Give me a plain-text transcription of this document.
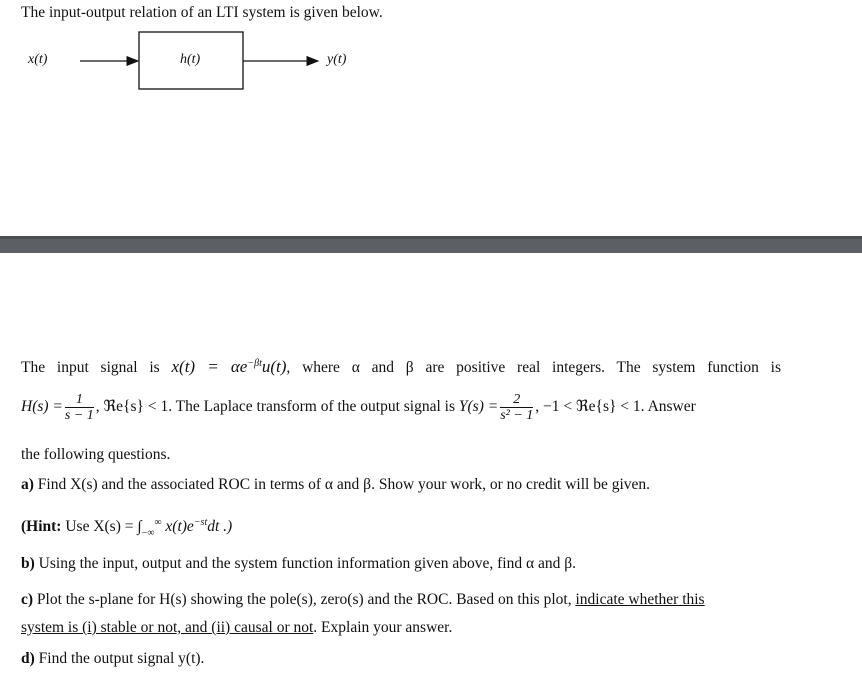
The input-output relation of an LTI system is given below.
x(t)	h(t)	y(t)
The input signal is $x(t) = \alpha e^{-\beta t}u(t)$, where α and β are positive real integers. The system function is
$H(s) = \frac{1}{s - 1}$ , ℜe{s} < 1. The Laplace transform of the output signal is $Y(s) = \frac{2}{\text{s² − 1}}$ , −1 < ℜe{s} < 1. Answer
the following questions.
a) Find X(s) and the associated ROC in terms of α and β. Show your work, or no credit will be given.
(Hint: Use $X(s) = \int_{-\infty}^\infty$ $x(t)e^{-st}dt$ .)
b) Using the input, output and the system function information given above, find α and β.
c) Plot the s-plane for H(s) showing the pole(s), zero(s) and the ROC. Based on this plot, indicate whether this
system is (i) stable or not, and (ii) causal or not. Explain your answer.
d) Find the output signal y(t).
